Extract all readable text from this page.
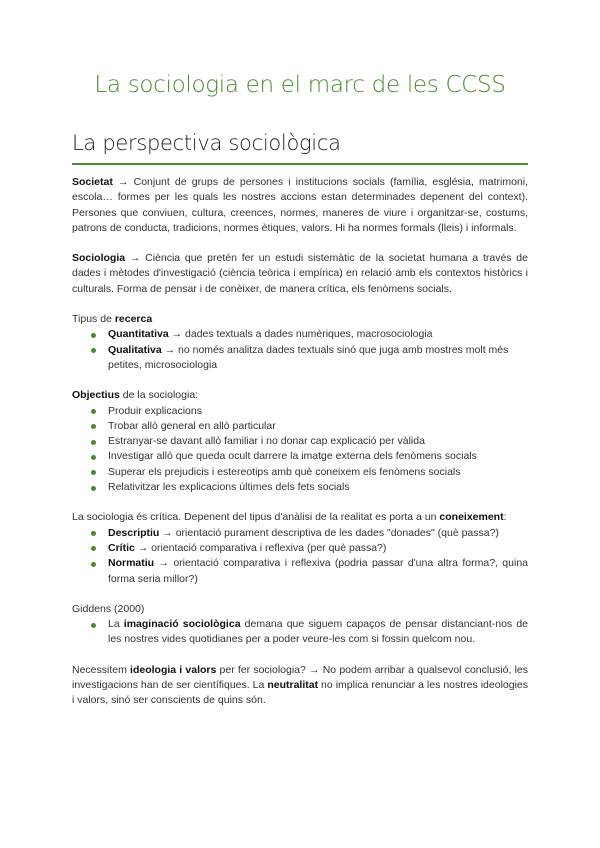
La sociologia en el marc de les CCSS
La perspectiva sociològica

Societat → Conjunt de grups de persones i institucions socials (família, església, matrimoni, escola… formes per les quals les nostres accions estan determinades depenent del context). Persones que conviuen, cultura, creences, normes, maneres de viure i organitzar-se, costums, patrons de conducta, tradicions, normes ètiques, valors. Hi ha normes formals (lleis) i informals.

Sociologia → Ciència que pretén fer un estudi sistemàtic de la societat humana a través de dades i mètodes d'investigació (ciència teòrica i empírica) en relació amb els contextos històrics i culturals. Forma de pensar i de conèixer, de manera crítica, els fenòmens socials.

Tipus de recerca

Quantitativa → dades textuals a dades numèriques, macrosociologia
Qualitativa → no només analitza dades textuals sinó que juga amb mostres molt més petites, microsociologia

Objectius de la sociologia:

Produir explicacions
Trobar allò general en allò particular
Estranyar-se davant allò familiar i no donar cap explicació per vàlida
Investigar allò que queda ocult darrere la imatge externa dels fenòmens socials
Superar els prejudicis i estereotips amb què coneixem els fenòmens socials
Relativitzar les explicacions últimes dels fets socials

La sociologia és crítica. Depenent del tipus d'anàlisi de la realitat es porta a un coneixement:

Descriptiu → orientació purament descriptiva de les dades "donades" (què passa?)
Crític → orientació comparativa i reflexiva (per què passa?)
Normatiu → orientació comparativa i reflexiva (podria passar d'una altra forma?, quina forma seria millor?)

Giddens (2000)

La imaginació sociològica demana que siguem capaços de pensar distanciant-nos de les nostres vides quotidianes per a poder veure-les com si fossin quelcom nou.

Necessitem ideologia i valors per fer sociologia? → No podem arribar a qualsevol conclusió, les investigacions han de ser científiques. La neutralitat no implica renunciar a les nostres ideologies i valors, sinó ser conscients de quins són.
